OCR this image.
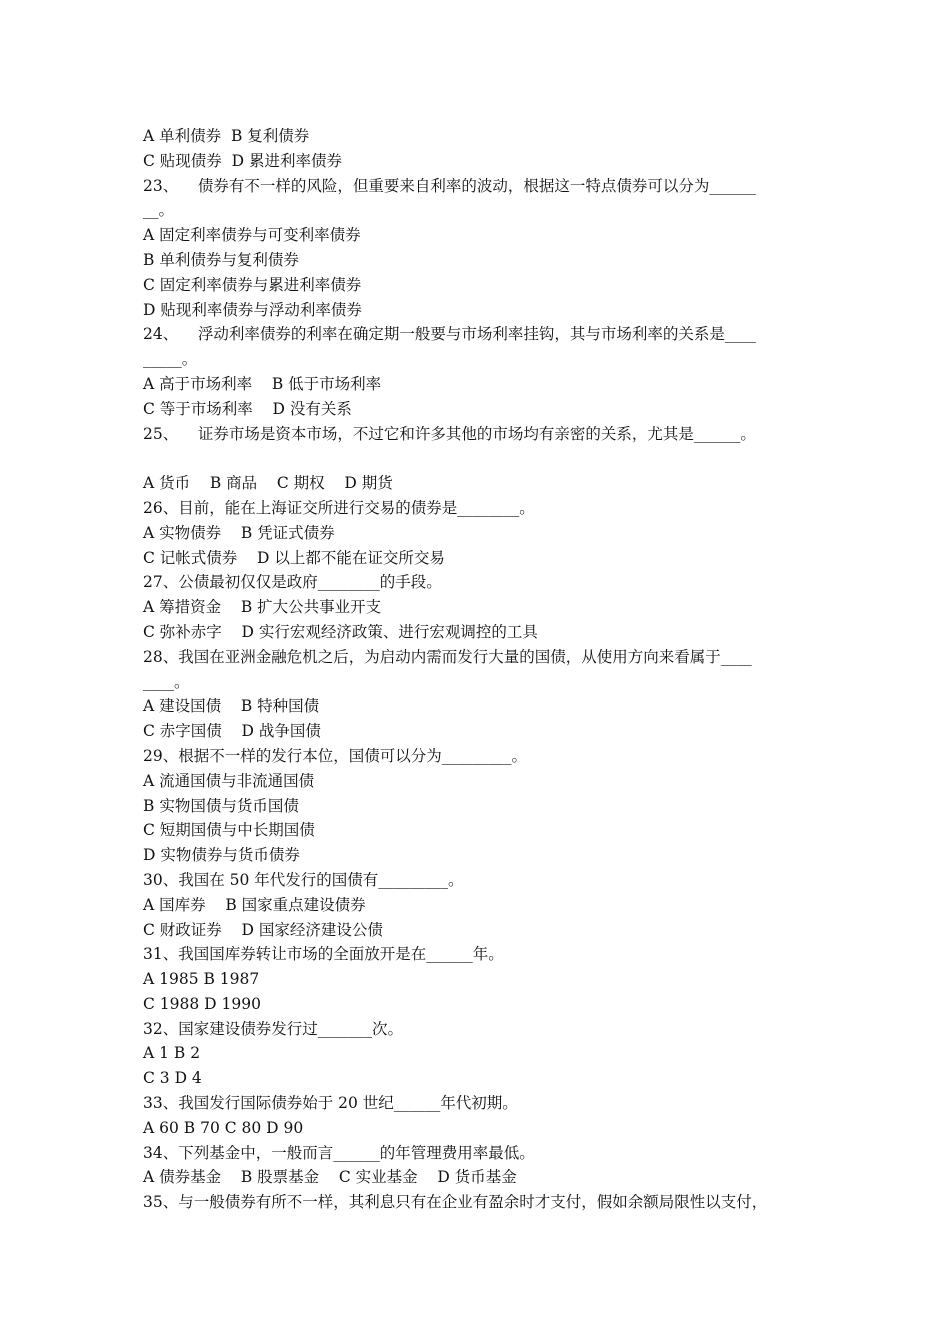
A 单利债券  B 复利债券
C 贴现债券  D 累进利率债券
23、    债券有不一样的风险，但重要来自利率的波动，根据这一特点债券可以分为______
__。
A 固定利率债券与可变利率债券
B 单利债券与复利债券
C 固定利率债券与累进利率债券
D 贴现利率债券与浮动利率债券
24、    浮动利率债券的利率在确定期一般要与市场利率挂钩，其与市场利率的关系是____
_____。
A 高于市场利率    B 低于市场利率
C 等于市场利率    D 没有关系
25、    证券市场是资本市场，不过它和许多其他的市场均有亲密的关系，尤其是______。
A 货币    B 商品    C 期权    D 期货
26、目前，能在上海证交所进行交易的债券是________。
A 实物债券    B 凭证式债券
C 记帐式债券    D 以上都不能在证交所交易
27、公债最初仅仅是政府________的手段。
A 筹措资金    B 扩大公共事业开支
C 弥补赤字    D 实行宏观经济政策、进行宏观调控的工具
28、我国在亚洲金融危机之后，为启动内需而发行大量的国债，从使用方向来看属于____
____。
A 建设国债    B 特种国债
C 赤字国债    D 战争国债
29、根据不一样的发行本位，国债可以分为_________。
A 流通国债与非流通国债
B 实物国债与货币国债
C 短期国债与中长期国债
D 实物债券与货币债券
30、我国在 50 年代发行的国债有_________。
A 国库券    B 国家重点建设债券
C 财政证券    D 国家经济建设公债
31、我国国库券转让市场的全面放开是在______年。
A 1985 B 1987
C 1988 D 1990
32、国家建设债券发行过_______次。
A 1 B 2
C 3 D 4
33、我国发行国际债券始于 20 世纪______年代初期。
A 60 B 70 C 80 D 90
34、下列基金中，一般而言______的年管理费用率最低。
A 债券基金    B 股票基金    C 实业基金    D 货币基金
35、与一般债券有所不一样，其利息只有在企业有盈余时才支付，假如余额局限性以支付，
